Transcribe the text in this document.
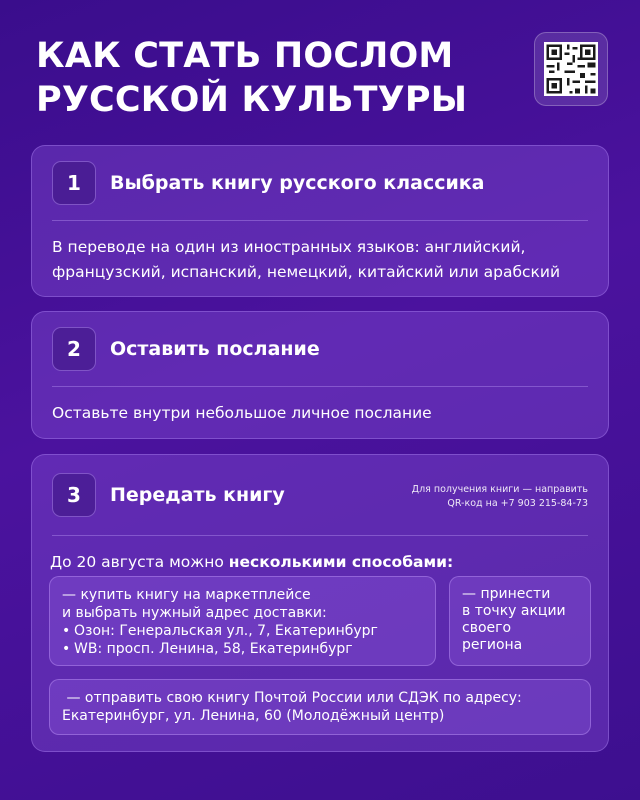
КАК СТАТЬ ПОСЛОМ
РУССКОЙ КУЛЬТУРЫ
1	Выбрать книгу русского классика
В переводе на один из иностранных языков: английский, французский, испанский, немецкий, китайский или арабский
2	Оставить послание
Оставьте внутри небольшое личное послание
3	Передать книгу	Для получения книги — направить
QR-код на +7 903 215-84-73
До 20 августа можно несколькими способами:
— купить книгу на маркетплейсе
и выбрать нужный адрес доставки:
• Озон: Генеральская ул., 7, Екатеринбург
• WB: просп. Ленина, 58, Екатеринбург
— принести
в точку акции
своего
региона
— отправить свою книгу Почтой России или СДЭК по адресу:
Екатеринбург, ул. Ленина, 60 (Молодёжный центр)
